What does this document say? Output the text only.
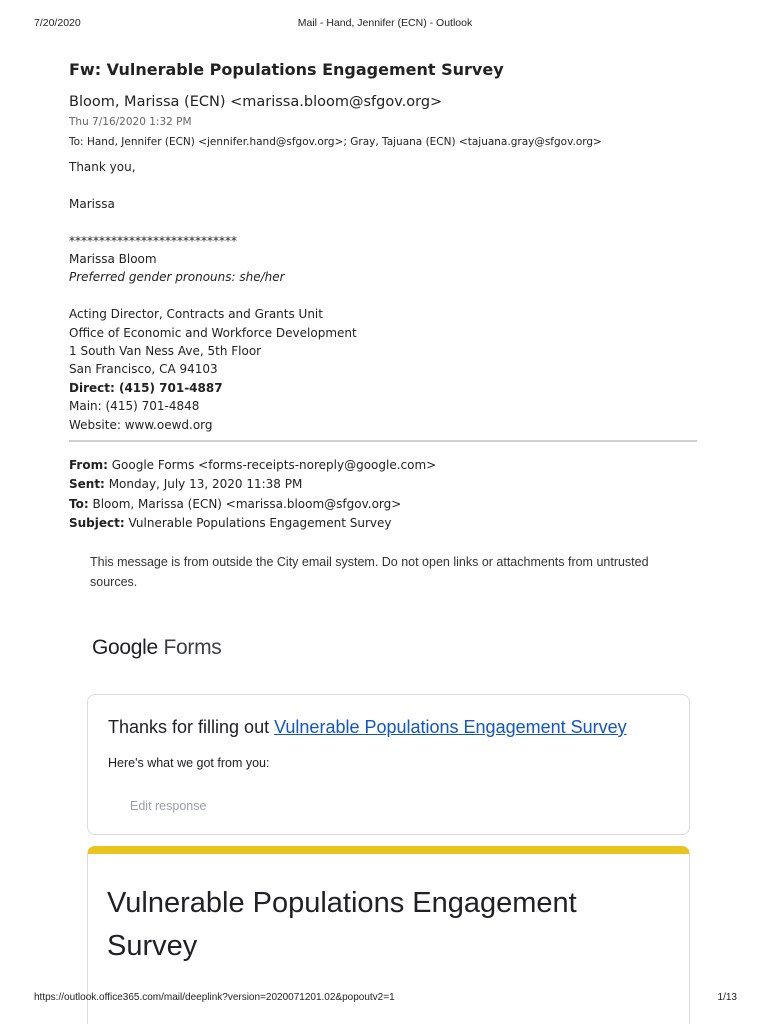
7/20/2020	Mail - Hand, Jennifer (ECN) - Outlook
Fw: Vulnerable Populations Engagement Survey
Bloom, Marissa (ECN) <marissa.bloom@sfgov.org>
Thu 7/16/2020 1:32 PM
To: Hand, Jennifer (ECN) <jennifer.hand@sfgov.org>; Gray, Tajuana (ECN) <tajuana.gray@sfgov.org>

Thank you,

Marissa

****************************

Marissa Bloom

Preferred gender pronouns: she/her

Acting Director, Contracts and Grants Unit

Office of Economic and Workforce Development

1 South Van Ness Ave, 5th Floor

San Francisco, CA 94103

Direct: (415) 701-4887

Main: (415) 701-4848

Website: www.oewd.org

From: Google Forms <forms-receipts-noreply@google.com>
Sent: Monday, July 13, 2020 11:38 PM
To: Bloom, Marissa (ECN) <marissa.bloom@sfgov.org>
Subject: Vulnerable Populations Engagement Survey
This message is from outside the City email system. Do not open links or attachments from untrusted sources.
Google Forms
Thanks for filling out Vulnerable Populations Engagement Survey
Here's what we got from you:
Edit response
Vulnerable Populations Engagement Survey
https://outlook.office365.com/mail/deeplink?version=2020071201.02&popoutv2=1	1/13
